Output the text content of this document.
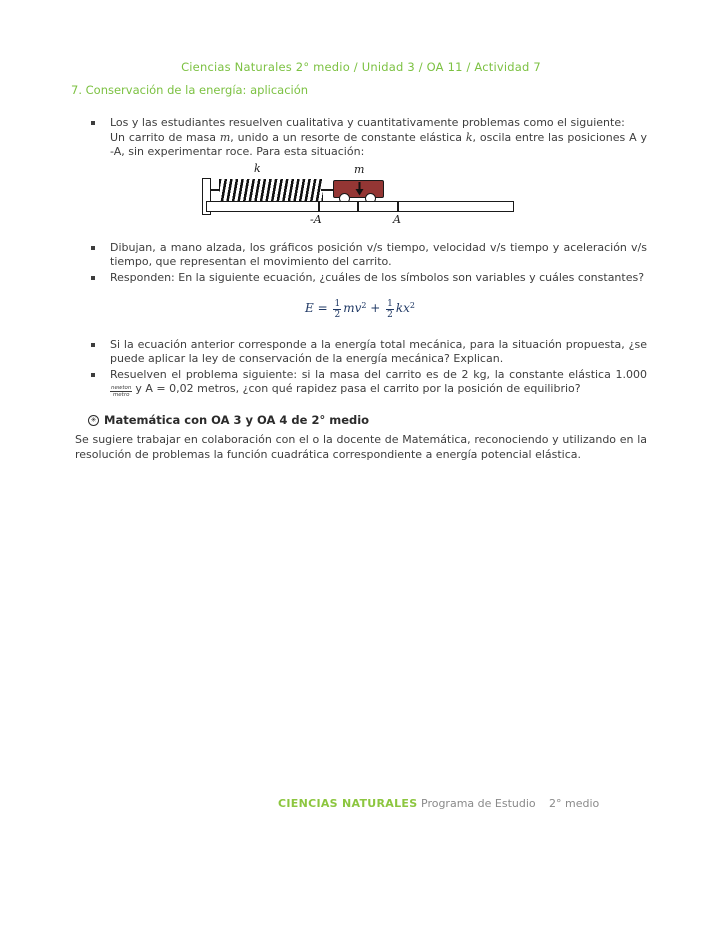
Ciencias Naturales 2° medio / Unidad 3 / OA 11 / Actividad 7
7. Conservación de la energía: aplicación
Los y las estudiantes resuelven cualitativa y cuantitativamente problemas como el siguiente:
Un carrito de masa m, unido a un resorte de constante elástica k, oscila entre las posiciones A y -A, sin experimentar roce. Para esta situación:
k	m
-A	A
Dibujan, a mano alzada, los gráficos posición v/s tiempo, velocidad v/s tiempo y aceleración v/s tiempo, que representan el movimiento del carrito.
Responden: En la siguiente ecuación, ¿cuáles de los símbolos son variables y cuáles constantes?
$E = \frac{1}{2} mv^2 + \frac{1}{2} kx^2$
Si la ecuación anterior corresponde a la energía total mecánica, para la situación propuesta, ¿se puede aplicar la ley de conservación de la energía mecánica? Explican.
Resuelven el problema siguiente: si la masa del carrito es de 2 kg, la constante elástica 1.000
$\frac{\text{newton}}{\text{metro}}$ y A = 0,02 metros, ¿con qué rapidez pasa el carrito por la posición de equilibrio?
✳ Matemática con OA 3 y OA 4 de 2° medio
Se sugiere trabajar en colaboración con el o la docente de Matemática, reconociendo y utilizando en la resolución de problemas la función cuadrática correspondiente a energía potencial elástica.
CIENCIAS NATURALES Programa de Estudio 2° medio
